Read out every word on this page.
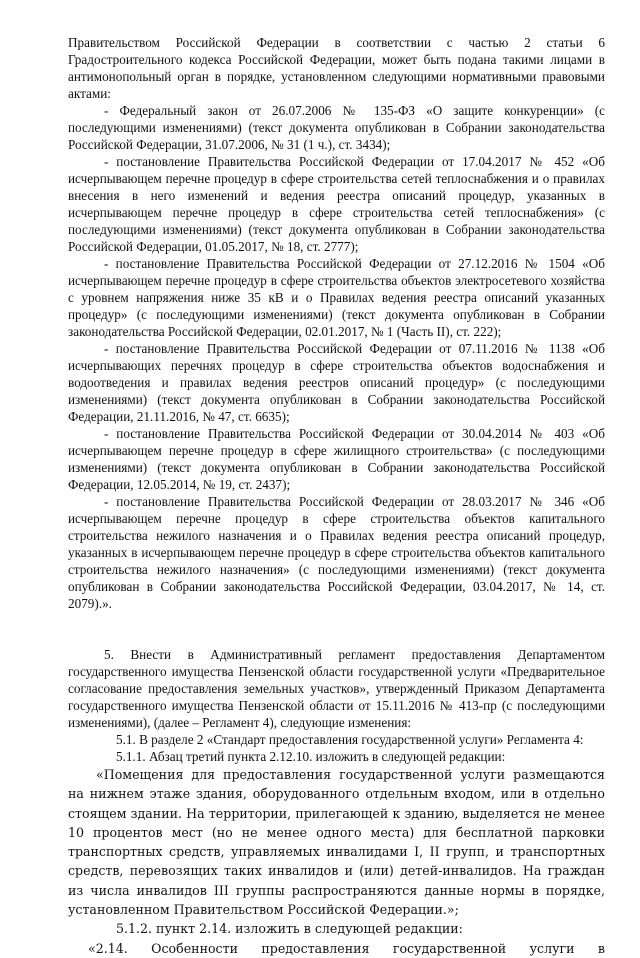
Правительством Российской Федерации в соответствии с частью 2 статьи 6 Градостроительного кодекса Российской Федерации, может быть подана такими лицами в антимонопольный орган в порядке, установленном следующими нормативными правовыми актами:

- Федеральный закон от 26.07.2006 № 135-ФЗ «О защите конкуренции» (с последующими изменениями) (текст документа опубликован в Собрании законодательства Российской Федерации, 31.07.2006, № 31 (1 ч.), ст. 3434);

- постановление Правительства Российской Федерации от 17.04.2017 № 452 «Об исчерпывающем перечне процедур в сфере строительства сетей теплоснабжения и о правилах внесения в него изменений и ведения реестра описаний процедур, указанных в исчерпывающем перечне процедур в сфере строительства сетей теплоснабжения» (с последующими изменениями) (текст документа опубликован в Собрании законодательства Российской Федерации, 01.05.2017, № 18, ст. 2777);

- постановление Правительства Российской Федерации от 27.12.2016 № 1504 «Об исчерпывающем перечне процедур в сфере строительства объектов электросетевого хозяйства с уровнем напряжения ниже 35 кВ и о Правилах ведения реестра описаний указанных процедур» (с последующими изменениями) (текст документа опубликован в Собрании законодательства Российской Федерации, 02.01.2017, № 1 (Часть II), ст. 222);

- постановление Правительства Российской Федерации от 07.11.2016 № 1138 «Об исчерпывающих перечнях процедур в сфере строительства объектов водоснабжения и водоотведения и правилах ведения реестров описаний процедур» (с последующими изменениями) (текст документа опубликован в Собрании законодательства Российской Федерации, 21.11.2016, № 47, ст. 6635);

- постановление Правительства Российской Федерации от 30.04.2014 № 403 «Об исчерпывающем перечне процедур в сфере жилищного строительства» (с последующими изменениями) (текст документа опубликован в Собрании законодательства Российской Федерации, 12.05.2014, № 19, ст. 2437);

- постановление Правительства Российской Федерации от 28.03.2017 № 346 «Об исчерпывающем перечне процедур в сфере строительства объектов капитального строительства нежилого назначения и о Правилах ведения реестра описаний процедур, указанных в исчерпывающем перечне процедур в сфере строительства объектов капитального строительства нежилого назначения» (с последующими изменениями) (текст документа опубликован в Собрании законодательства Российской Федерации, 03.04.2017, № 14, ст. 2079).».

5. Внести в Административный регламент предоставления Департаментом государственного имущества Пензенской области государственной услуги «Предварительное согласование предоставления земельных участков», утвержденный Приказом Департамента государственного имущества Пензенской области от 15.11.2016 № 413-пр (с последующими изменениями), (далее – Регламент 4), следующие изменения:

5.1. В разделе 2 «Стандарт предоставления государственной услуги» Регламента 4:

5.1.1. Абзац третий пункта 2.12.10. изложить в следующей редакции:

«Помещения для предоставления государственной услуги размещаются на нижнем этаже здания, оборудованного отдельным входом, или в отдельно стоящем здании. На территории, прилегающей к зданию, выделяется не менее 10 процентов мест (но не менее одного места) для бесплатной парковки транспортных средств, управляемых инвалидами I, II групп, и транспортных средств, перевозящих таких инвалидов и (или) детей-инвалидов. На граждан из числа инвалидов III группы распространяются данные нормы в порядке, установленном Правительством Российской Федерации.»;

5.1.2. пункт 2.14. изложить в следующей редакции:

«2.14. Особенности предоставления государственной услуги в
